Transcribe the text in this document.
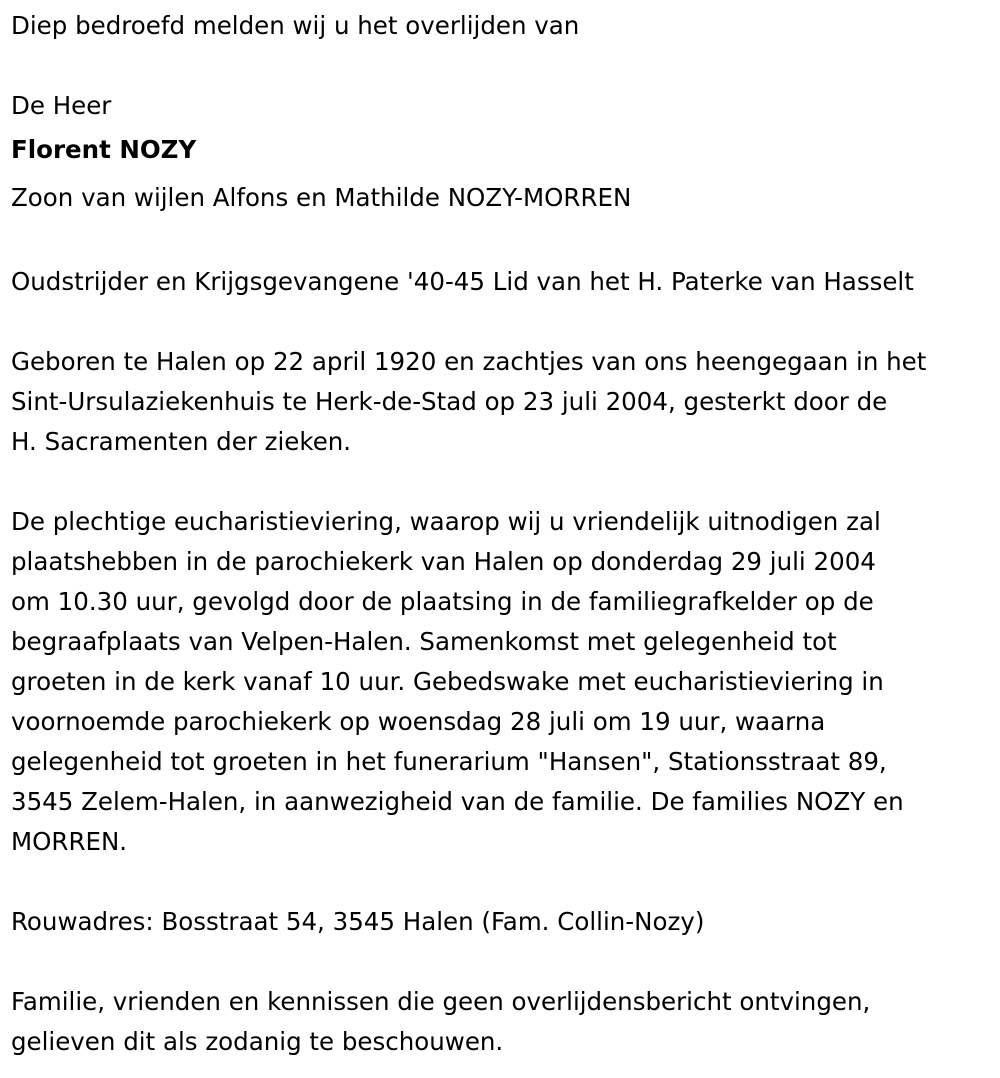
Diep bedroefd melden wij u het overlijden van

De Heer

Florent NOZY

Zoon van wijlen Alfons en Mathilde NOZY-MORREN

Oudstrijder en Krijgsgevangene '40-45 Lid van het H. Paterke van Hasselt

Geboren te Halen op 22 april 1920 en zachtjes van ons heengegaan in het

Sint-Ursulaziekenhuis te Herk-de-Stad op 23 juli 2004, gesterkt door de

H. Sacramenten der zieken.

De plechtige eucharistieviering, waarop wij u vriendelijk uitnodigen zal

plaatshebben in de parochiekerk van Halen op donderdag 29 juli 2004

om 10.30 uur, gevolgd door de plaatsing in de familiegrafkelder op de

begraafplaats van Velpen-Halen. Samenkomst met gelegenheid tot

groeten in de kerk vanaf 10 uur. Gebedswake met eucharistieviering in

voornoemde parochiekerk op woensdag 28 juli om 19 uur, waarna

gelegenheid tot groeten in het funerarium "Hansen", Stationsstraat 89,

3545 Zelem-Halen, in aanwezigheid van de familie. De families NOZY en

MORREN.

Rouwadres: Bosstraat 54, 3545 Halen (Fam. Collin-Nozy)

Familie, vrienden en kennissen die geen overlijdensbericht ontvingen,

gelieven dit als zodanig te beschouwen.
